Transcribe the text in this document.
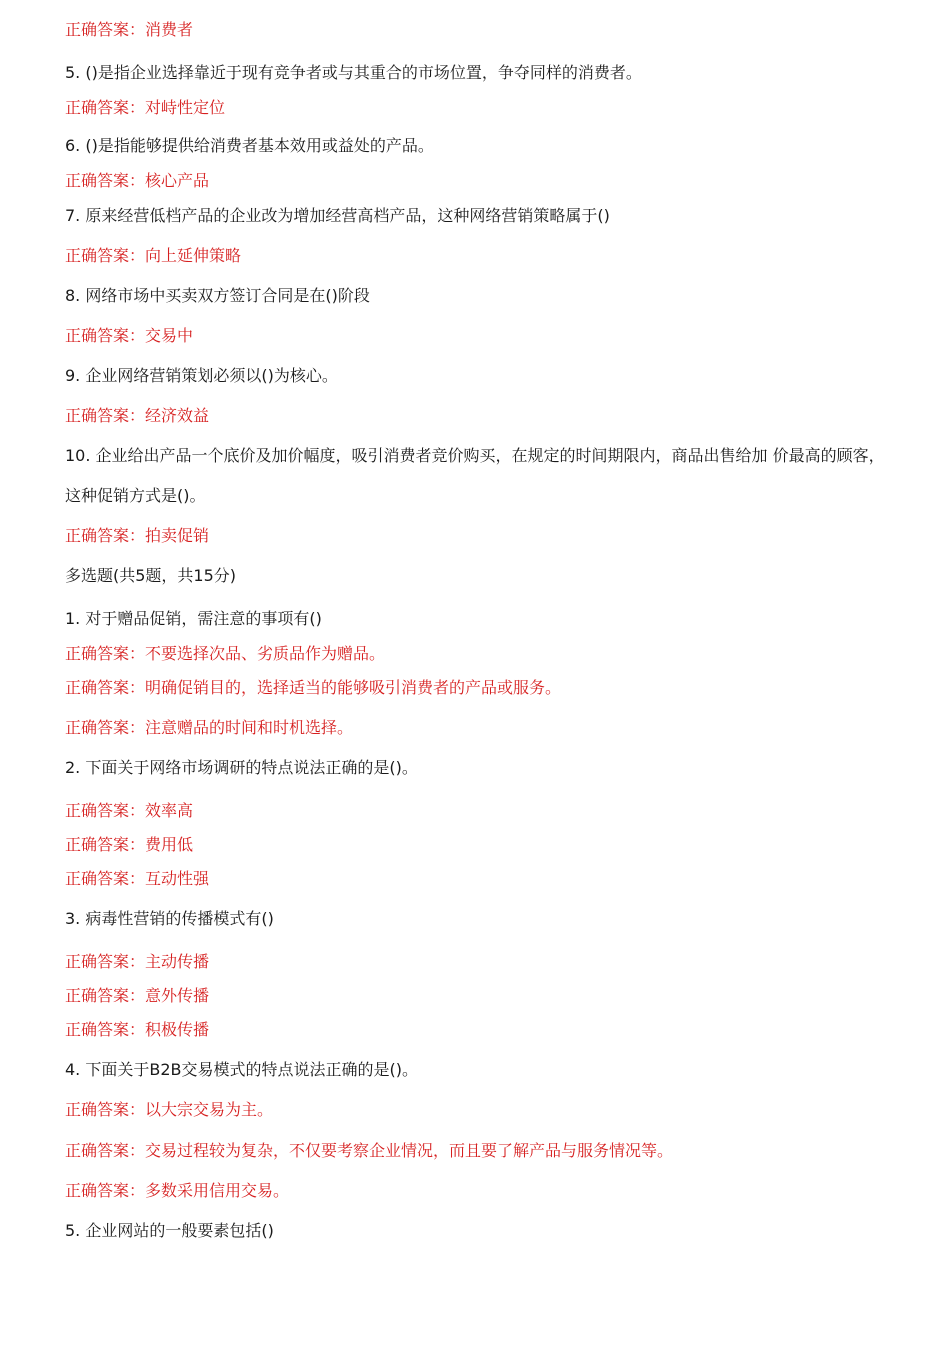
正确答案：消费者
5. ()是指企业选择靠近于现有竞争者或与其重合的市场位置，争夺同样的消费者。
正确答案：对峙性定位
6. ()是指能够提供给消费者基本效用或益处的产品。
正确答案：核心产品
7. 原来经营低档产品的企业改为增加经营高档产品，这种网络营销策略属于()
正确答案：向上延伸策略
8. 网络市场中买卖双方签订合同是在()阶段
正确答案：交易中
9. 企业网络营销策划必须以()为核心。
正确答案：经济效益
10. 企业给出产品一个底价及加价幅度，吸引消费者竞价购买，在规定的时间期限内，商品出售给加 价最高的顾客，这种促销方式是()。
正确答案：拍卖促销
多选题(共5题，共15分)
1. 对于赠品促销，需注意的事项有()
正确答案：不要选择次品、劣质品作为赠品。
正确答案：明确促销目的，选择适当的能够吸引消费者的产品或服务。
正确答案：注意赠品的时间和时机选择。
2. 下面关于网络市场调研的特点说法正确的是()。
正确答案：效率高
正确答案：费用低
正确答案：互动性强
3. 病毒性营销的传播模式有()
正确答案：主动传播
正确答案：意外传播
正确答案：积极传播
4. 下面关于B2B交易模式的特点说法正确的是()。
正确答案：以大宗交易为主。
正确答案：交易过程较为复杂，不仅要考察企业情况，而且要了解产品与服务情况等。
正确答案：多数采用信用交易。
5. 企业网站的一般要素包括()
